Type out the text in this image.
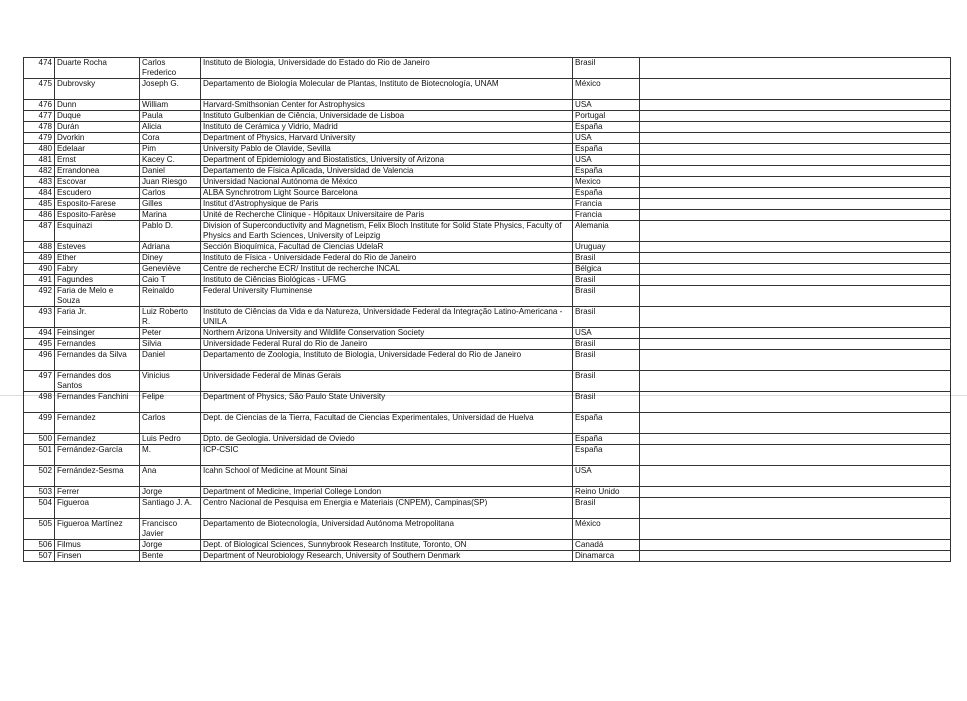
474	Duarte Rocha	Carlos Frederico	Instituto de Biologia, Universidade do Estado do Rio de Janeiro	Brasil	
475	Dubrovsky	Joseph G.	Departamento de Biología Molecular de Plantas, Instituto de Biotecnología, UNAM	México	
476	Dunn	William	Harvard-Smithsonian Center for Astrophysics	USA	
477	Duque	Paula	Instituto Gulbenkian de Ciência, Universidade de Lisboa	Portugal	
478	Durán	Alicia	Instituto de Cerámica y Vidrio, Madrid	España	
479	Dvorkin	Cora	Department of Physics, Harvard University	USA	
480	Edelaar	Pim	University Pablo de Olavide, Sevilla	España	
481	Ernst	Kacey C.	Department of Epidemiology and Biostatistics, University of Arizona	USA	
482	Errandonea	Daniel	Departamento de Física Aplicada, Universidad de Valencia	España	
483	Escovar	Juan Riesgo	Universidad Nacional Autónoma de México	Mexico	
484	Escudero	Carlos	ALBA Synchrotrom Light Source Barcelona	España	
485	Esposito-Farese	Gilles	Institut d'Astrophysique de Paris	Francia	
486	Esposito-Farèse	Marina	Unité de Recherche Clinique - Hôpitaux Universitaire de Paris	Francia	
487	Esquinazi	Pablo D.	Division of Superconductivity and Magnetism, Felix Bloch Institute for Solid State Physics, Faculty of Physics and Earth Sciences, University of Leipzig	Alemania	
488	Esteves	Adriana	Sección Bioquímica, Facultad de Ciencias UdelaR	Uruguay	
489	Ether	Diney	Instituto de Física - Universidade Federal do Rio de Janeiro	Brasil	
490	Fabry	Geneviève	Centre de recherche ECR/ Institut de recherche INCAL	Bélgica	
491	Fagundes	Caio T	Instituto de Ciências Biológicas - UFMG	Brasil	
492	Faria de Melo e Souza	Reinaldo	Federal University Fluminense	Brasil	
493	Faria Jr.	Luiz Roberto R.	Instituto de Ciências da Vida e da Natureza, Universidade Federal da Integração Latino-Americana - UNILA	Brasil	
494	Feinsinger	Peter	Northern Arizona University and Wildlife Conservation Society	USA	
495	Fernandes	Silvia	Universidade Federal Rural do Rio de Janeiro	Brasil	
496	Fernandes da Silva	Daniel	Departamento de Zoologia, Instituto de Biologia, Universidade Federal do Rio de Janeiro	Brasil	
497	Fernandes dos Santos	Vinicius	Universidade Federal de Minas Gerais	Brasil	
498	Fernandes Fanchini	Felipe	Department of Physics, São Paulo State University	Brasil	
499	Fernandez	Carlos	Dept. de Ciencias de la Tierra, Facultad de Ciencias Experimentales, Universidad de Huelva	España	
500	Fernandez	Luis Pedro	Dpto. de Geologia. Universidad de Oviedo	España	
501	Fernández-García	M.	ICP-CSIC	España	
502	Fernández-Sesma	Ana	Icahn School of Medicine at Mount Sinai	USA	
503	Ferrer	Jorge	Department of Medicine, Imperial College London	Reino Unido	
504	Figueroa	Santiago J. A.	Centro Nacional de Pesquisa em Energia e Materiais (CNPEM), Campinas(SP)	Brasil	
505	Figueroa Martínez	Francisco Javier	Departamento de Biotecnología, Universidad Autónoma Metropolitana	México	
506	Filmus	Jorge	Dept. of Biological Sciences, Sunnybrook Research Institute, Toronto, ON	Canadá	
507	Finsen	Bente	Department of Neurobiology Research, University of Southern Denmark	Dinamarca	
